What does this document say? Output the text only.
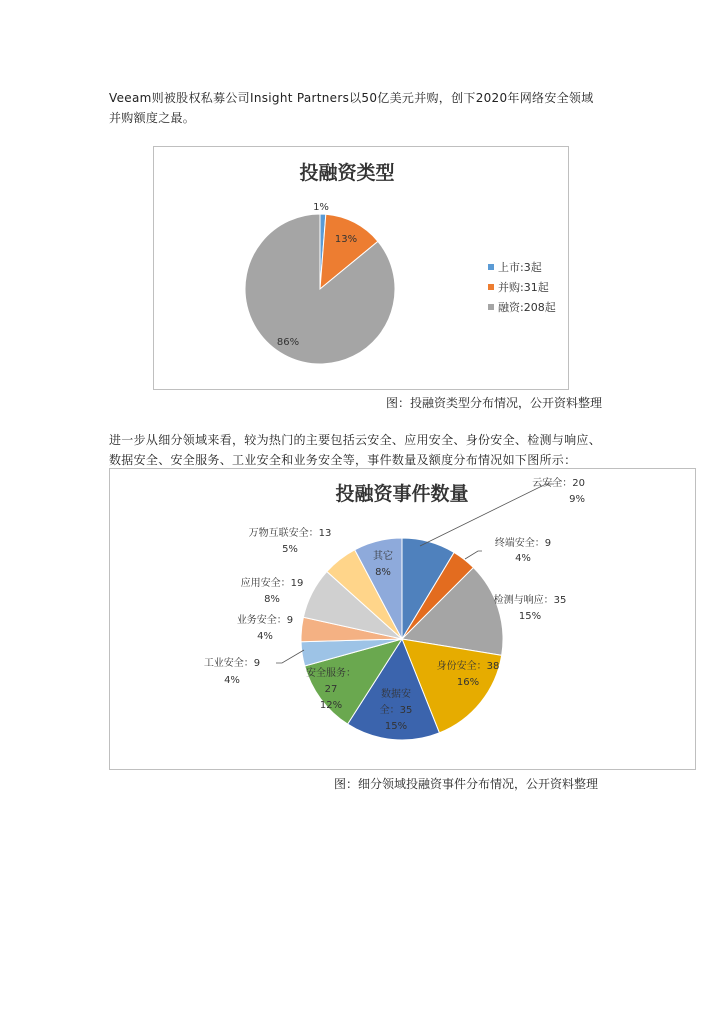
Veeam则被股权私募公司Insight Partners以50亿美元并购，创下2020年网络安全领域
并购额度之最。
投融资类型
上市:3起
并购:31起
融资:208起
1%
13%
86%
图：投融资类型分布情况，公开资料整理
进一步从细分领域来看，较为热门的主要包括云安全、应用安全、身份安全、检测与响应、
数据安全、安全服务、工业安全和业务安全等，事件数量及额度分布情况如下图所示：
投融资事件数量	云安全：20
9%
终端安全：9
4%
检测与响应：35
15%
身份安全：38
16%
数据安
全：35
15%
安全服务：
27
12%
工业安全：9
4%
业务安全：9
4%
应用安全：19
8%
万物互联安全：13
5%
其它
8%
图：细分领域投融资事件分布情况，公开资料整理
